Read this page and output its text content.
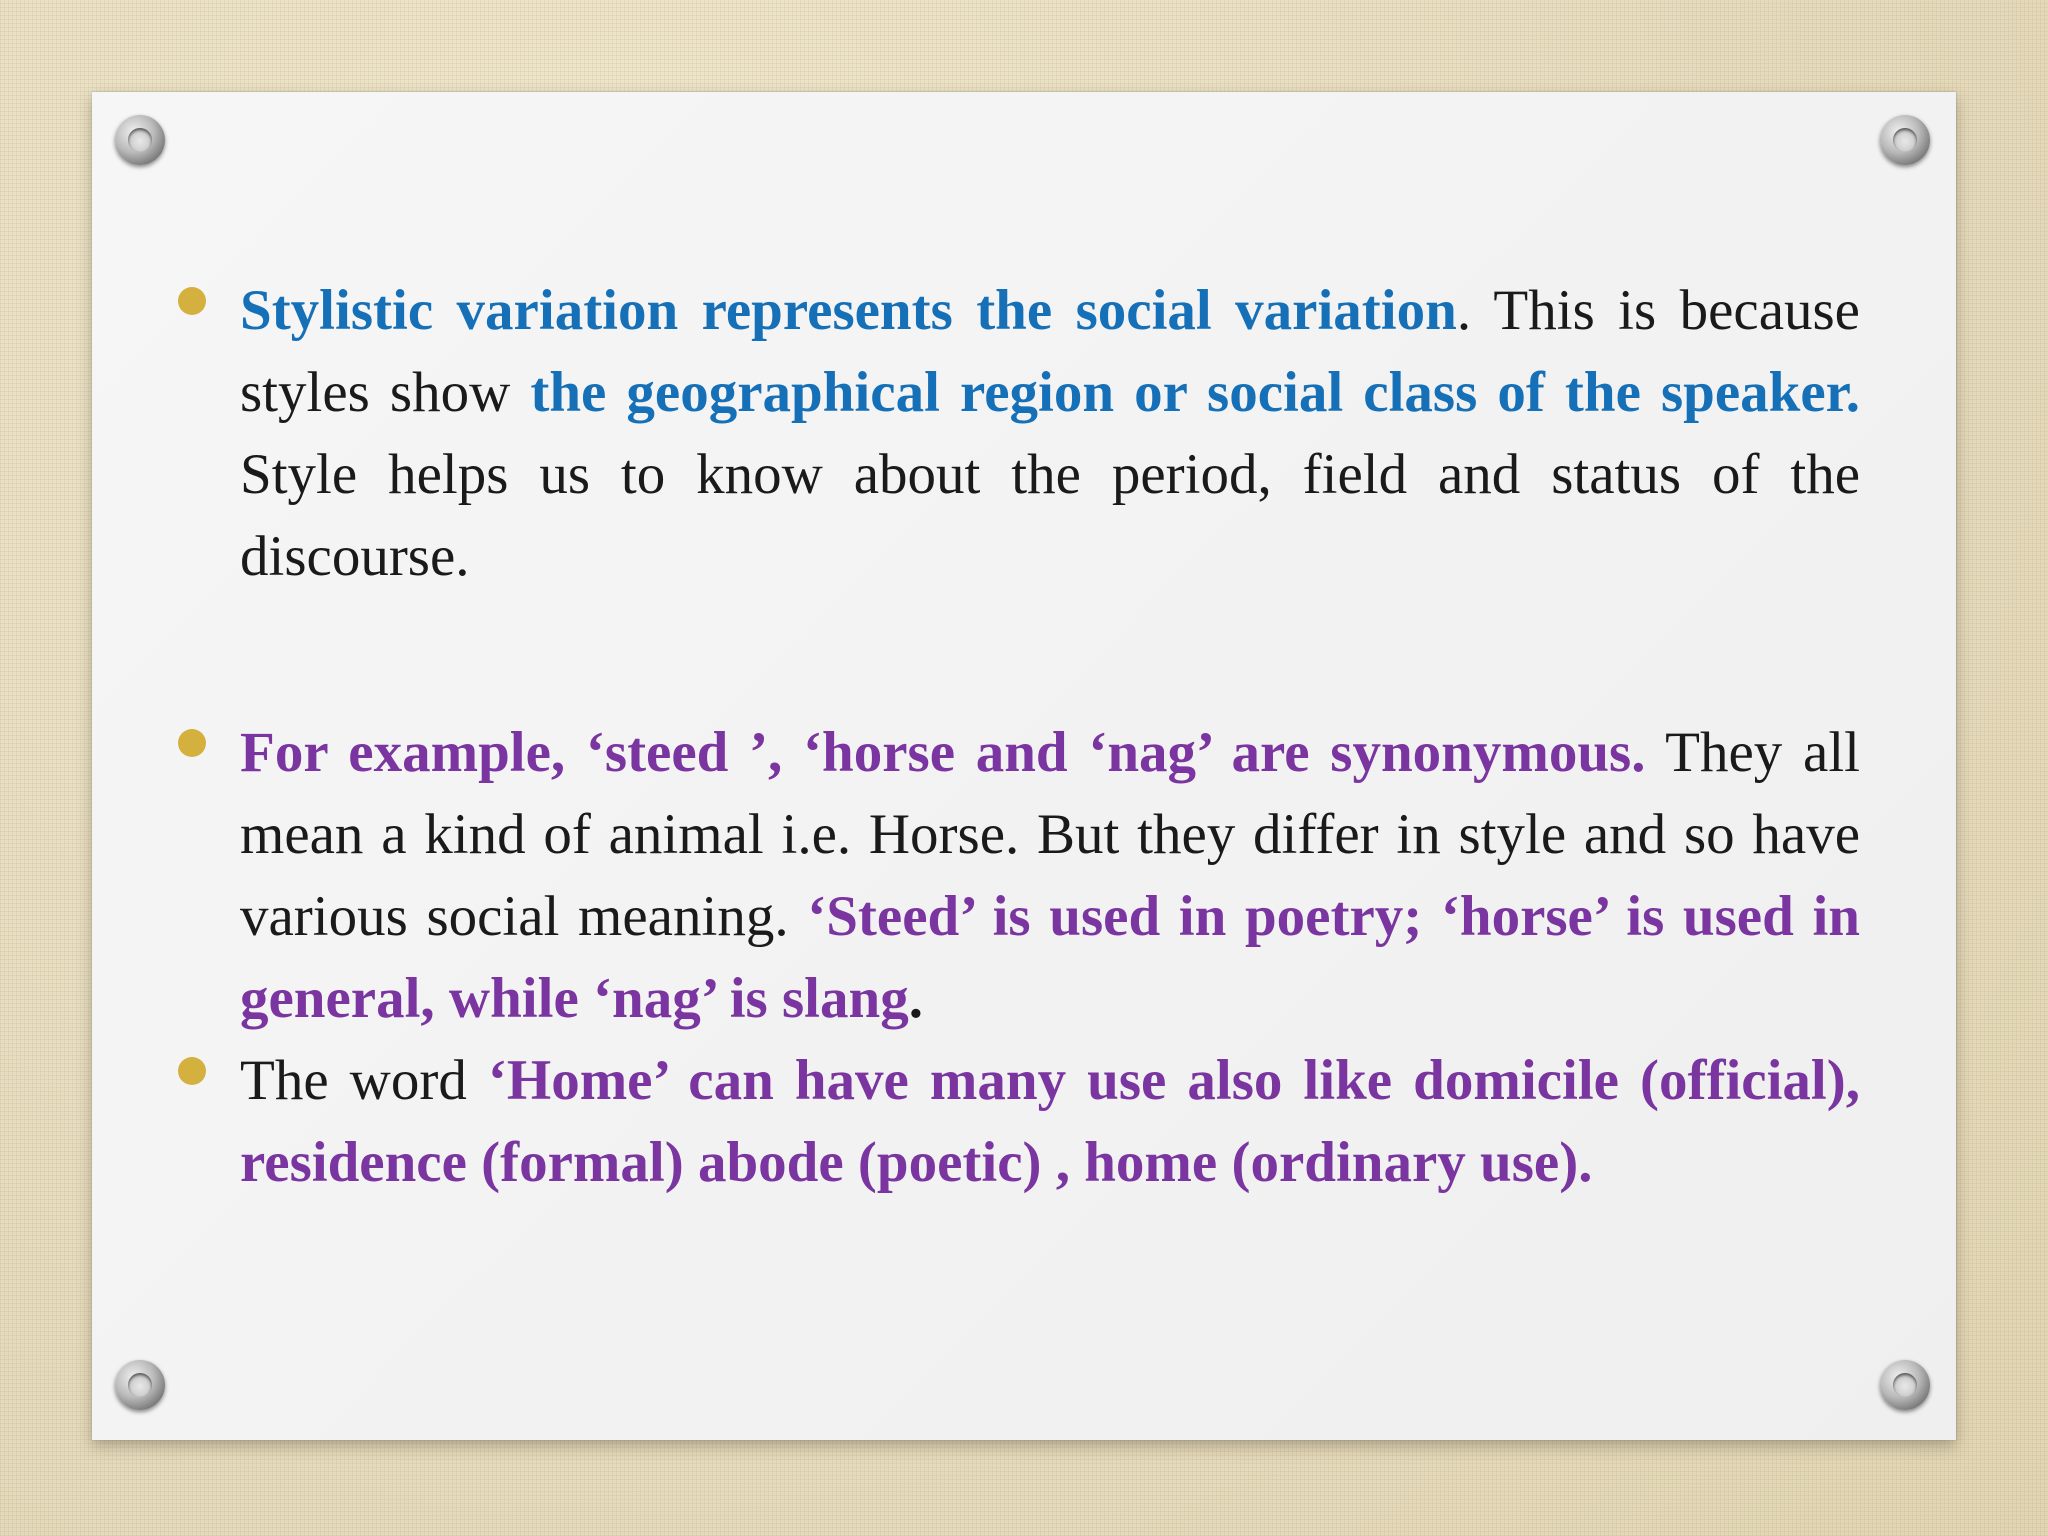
Stylistic variation represents the social variation. This is because styles show the geographical region or social class of the speaker. Style helps us to know about the period, field and status of the discourse.
For example, ‘steed ’, ‘horse and ‘nag’ are synonymous. They all mean a kind of animal i.e. Horse. But they differ in style and so have various social meaning. ‘Steed’ is used in poetry; ‘horse’ is used in general, while ‘nag’ is slang.
The word ‘Home’ can have many use also like domicile (official), residence (formal) abode (poetic) , home (ordinary use).
